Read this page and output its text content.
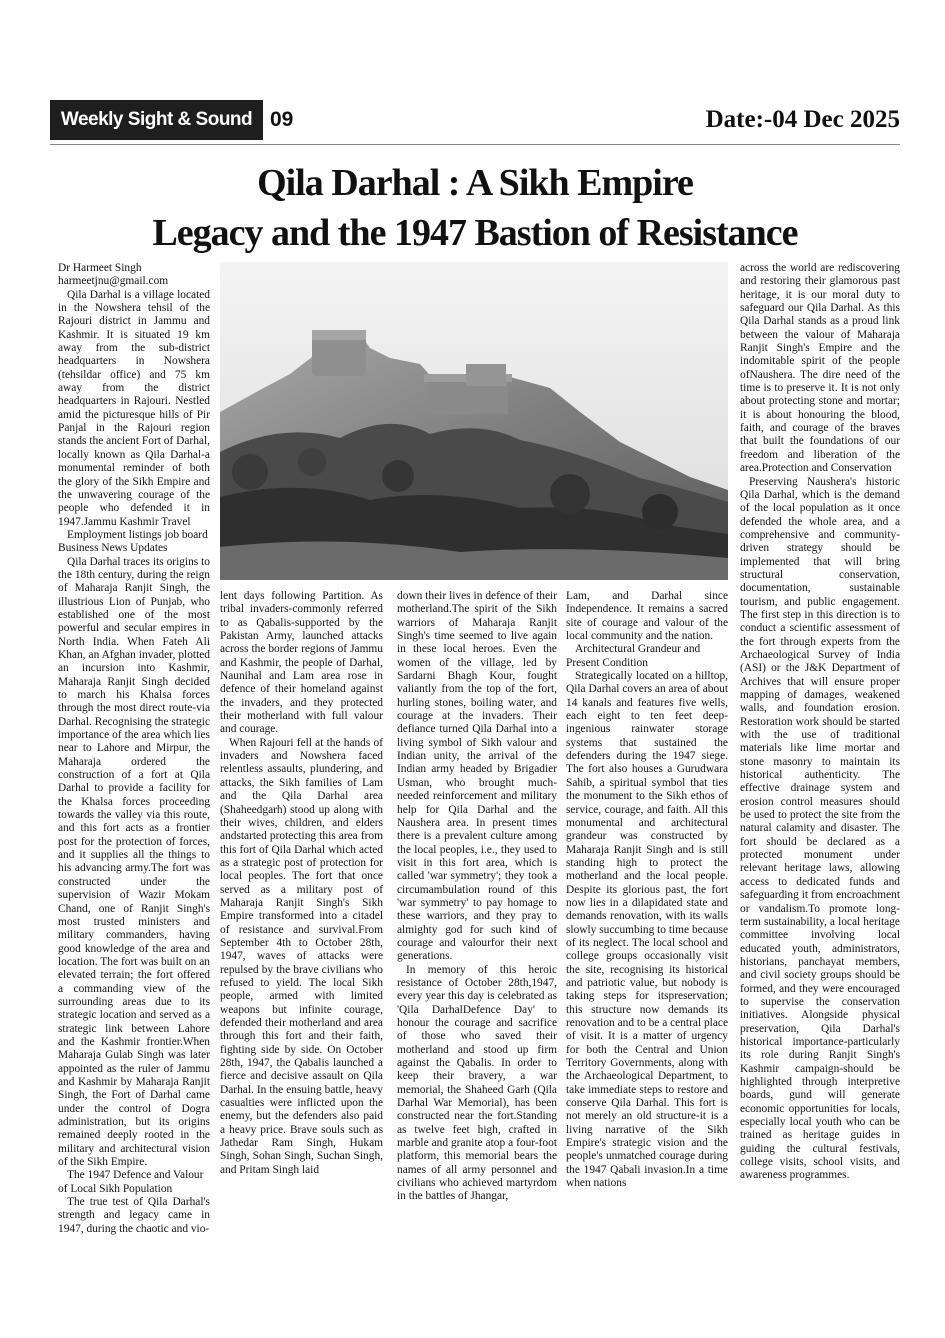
Weekly Sight & Sound 09	Date:-04 Dec 2025
Qila Darhal : A Sikh Empire
Legacy and the 1947 Bastion of Resistance

Dr Harmeet Singh

harmeetjnu@gmail.com

Qila Darhal is a village located in the Nowshera tehsil of the Rajouri district in Jammu and Kashmir. It is situated 19 km away from the sub-district headquarters in Nowshera (tehsildar office) and 75 km away from the district headquarters in Rajouri. Nestled amid the picturesque hills of Pir Panjal in the Rajouri region stands the ancient Fort of Darhal, locally known as Qila Darhal-a monumental reminder of both the glory of the Sikh Empire and the unwavering courage of the people who defended it in 1947.Jammu Kashmir Travel

Employment listings job board Business News Updates

Qila Darhal traces its origins to the 18th century, during the reign of Maharaja Ranjit Singh, the illustrious Lion of Punjab, who established one of the most powerful and secular empires in North India. When Fateh Ali Khan, an Afghan invader, plotted an incursion into Kashmir, Maharaja Ranjit Singh decided to march his Khalsa forces through the most direct route-via Darhal. Recognising the strategic importance of the area which lies near to Lahore and Mirpur, the Maharaja ordered the construction of a fort at Qila Darhal to provide a facility for the Khalsa forces proceeding towards the valley via this route, and this fort acts as a frontier post for the protection of forces, and it supplies all the things to his advancing army.The fort was constructed under the supervision of Wazir Mokam Chand, one of Ranjit Singh's most trusted ministers and military commanders, having good knowledge of the area and location. The fort was built on an elevated terrain; the fort offered a commanding view of the surrounding areas due to its strategic location and served as a strategic link between Lahore and the Kashmir frontier.When Maharaja Gulab Singh was later appointed as the ruler of Jammu and Kashmir by Maharaja Ranjit Singh, the Fort of Darhal came under the control of Dogra administration, but its origins remained deeply rooted in the military and architectural vision of the Sikh Empire.

The 1947 Defence and Valour of Local Sikh Population

The true test of Qila Darhal's strength and legacy came in 1947, during the chaotic and vio-

lent days following Partition. As tribal invaders-commonly referred to as Qabalis-supported by the Pakistan Army, launched attacks across the border regions of Jammu and Kashmir, the people of Darhal, Naunihal and Lam area rose in defence of their homeland against the invaders, and they protected their motherland with full valour and courage.

When Rajouri fell at the hands of invaders and Nowshera faced relentless assaults, plundering, and attacks, the Sikh families of Lam and the Qila Darhal area (Shaheedgarh) stood up along with their wives, children, and elders andstarted protecting this area from this fort of Qila Darhal which acted as a strategic post of protection for local peoples. The fort that once served as a military post of Maharaja Ranjit Singh's Sikh Empire transformed into a citadel of resistance and survival.From September 4th to October 28th, 1947, waves of attacks were repulsed by the brave civilians who refused to yield. The local Sikh people, armed with limited weapons but infinite courage, defended their motherland and area through this fort and their faith, fighting side by side. On October 28th, 1947, the Qabalis launched a fierce and decisive assault on Qila Darhal. In the ensuing battle, heavy casualties were inflicted upon the enemy, but the defenders also paid a heavy price. Brave souls such as Jathedar Ram Singh, Hukam Singh, Sohan Singh, Suchan Singh, and Pritam Singh laid

down their lives in defence of their motherland.The spirit of the Sikh warriors of Maharaja Ranjit Singh's time seemed to live again in these local heroes. Even the women of the village, led by Sardarni Bhagh Kour, fought valiantly from the top of the fort, hurling stones, boiling water, and courage at the invaders. Their defiance turned Qila Darhal into a living symbol of Sikh valour and Indian unity, the arrival of the Indian army headed by Brigadier Usman, who brought much-needed reinforcement and military help for Qila Darhal and the Naushera area. In present times there is a prevalent culture among the local peoples, i.e., they used to visit in this fort area, which is called 'war symmetry'; they took a circumambulation round of this 'war symmetry' to pay homage to these warriors, and they pray to almighty god for such kind of courage and valourfor their next generations.

In memory of this heroic resistance of October 28th,1947, every year this day is celebrated as 'Qila DarhalDefence Day' to honour the courage and sacrifice of those who saved their motherland and stood up firm against the Qabalis. In order to keep their bravery, a war memorial, the Shaheed Garh (Qila Darhal War Memorial), has been constructed near the fort.Standing as twelve feet high, crafted in marble and granite atop a four-foot platform, this memorial bears the names of all army personnel and civilians who achieved martyrdom in the battles of Jhangar,

Lam, and Darhal since Independence. It remains a sacred site of courage and valour of the local community and the nation.

Architectural Grandeur and Present Condition

Strategically located on a hilltop, Qila Darhal covers an area of about 14 kanals and features five wells, each eight to ten feet deep-ingenious rainwater storage systems that sustained the defenders during the 1947 siege. The fort also houses a Gurudwara Sahib, a spiritual symbol that ties the monument to the Sikh ethos of service, courage, and faith. All this monumental and architectural grandeur was constructed by Maharaja Ranjit Singh and is still standing high to protect the motherland and the local people. Despite its glorious past, the fort now lies in a dilapidated state and demands renovation, with its walls slowly succumbing to time because of its neglect. The local school and college groups occasionally visit the site, recognising its historical and patriotic value, but nobody is taking steps for itspreservation; this structure now demands its renovation and to be a central place of visit. It is a matter of urgency for both the Central and Union Territory Governments, along with the Archaeological Department, to take immediate steps to restore and conserve Qila Darhal. This fort is not merely an old structure-it is a living narrative of the Sikh Empire's strategic vision and the people's unmatched courage during the 1947 Qabali invasion.In a time when nations

across the world are rediscovering and restoring their glamorous past heritage, it is our moral duty to safeguard our Qila Darhal. As this Qila Darhal stands as a proud link between the valour of Maharaja Ranjit Singh's Empire and the indomitable spirit of the people ofNaushera. The dire need of the time is to preserve it. It is not only about protecting stone and mortar; it is about honouring the blood, faith, and courage of the braves that built the foundations of our freedom and liberation of the area.Protection and Conservation

Preserving Naushera's historic Qila Darhal, which is the demand of the local population as it once defended the whole area, and a comprehensive and community-driven strategy should be implemented that will bring structural conservation, documentation, sustainable tourism, and public engagement. The first step in this direction is to conduct a scientific assessment of the fort through experts from the Archaeological Survey of India (ASI) or the J&K Department of Archives that will ensure proper mapping of damages, weakened walls, and foundation erosion. Restoration work should be started with the use of traditional materials like lime mortar and stone masonry to maintain its historical authenticity. The effective drainage system and erosion control measures should be used to protect the site from the natural calamity and disaster. The fort should be declared as a protected monument under relevant heritage laws, allowing access to dedicated funds and safeguarding it from encroachment or vandalism.To promote long-term sustainability, a local heritage committee involving local educated youth, administrators, historians, panchayat members, and civil society groups should be formed, and they were encouraged to supervise the conservation initiatives. Alongside physical preservation, Qila Darhal's historical importance-particularly its role during Ranjit Singh's Kashmir campaign-should be highlighted through interpretive boards, gund will generate economic opportunities for locals, especially local youth who can be trained as heritage guides in guiding the cultural festivals, college visits, school visits, and awareness programmes.
